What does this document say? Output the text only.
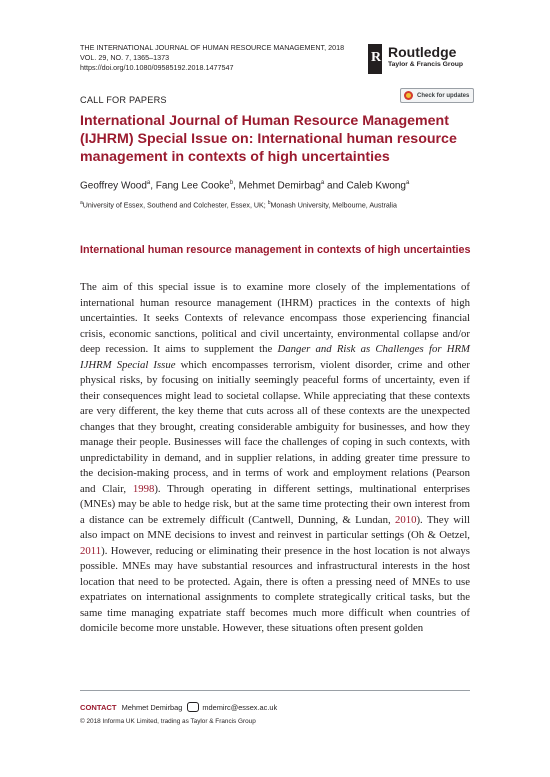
THE INTERNATIONAL JOURNAL OF HUMAN RESOURCE MANAGEMENT, 2018
VOL. 29, NO. 7, 1365–1373
https://doi.org/10.1080/09585192.2018.1477547
R Routledge
Taylor & Francis Group
CALL FOR PAPERS	Check for updates
International Journal of Human Resource Management (IJHRM) Special Issue on: International human resource management in contexts of high uncertainties
Geoffrey Wood$^a$, Fang Lee Cooke$^b$, Mehmet Demirbag$^a$ and Caleb Kwong$^a$
$^a$University of Essex, Southend and Colchester, Essex, UK; $^b$Monash University, Melbourne, Australia
International human resource management in contexts of high uncertainties

The aim of this special issue is to examine more closely of the implementations of international human resource management (IHRM) practices in the contexts of high uncertainties. It seeks Contexts of relevance encompass those experiencing financial crisis, economic sanctions, political and civil uncertainty, environmental collapse and/or deep recession. It aims to supplement the Danger and Risk as Challenges for HRM IJHRM Special Issue which encompasses terrorism, violent disorder, crime and other physical risks, by focusing on initially seemingly peaceful forms of uncertainty, even if their consequences might lead to societal collapse. While appreciating that these contexts are very different, the key theme that cuts across all of these contexts are the unexpected changes that they brought, creating considerable ambiguity for businesses, and how they manage their people. Businesses will face the challenges of coping in such contexts, with unpredictability in demand, and in supplier relations, in adding greater time pressure to the decision-making process, and in terms of work and employment relations (Pearson and Clair, 1998). Through operating in different settings, multinational enterprises (MNEs) may be able to hedge risk, but at the same time protecting their own interest from a distance can be extremely difficult (Cantwell, Dunning, & Lundan, 2010). They will also impact on MNE decisions to invest and reinvest in particular settings (Oh & Oetzel, 2011). However, reducing or eliminating their presence in the host location is not always possible. MNEs may have substantial resources and infrastructural interests in the host location that need to be protected. Again, there is often a pressing need of MNEs to use expatriates on international assignments to complete strategically critical tasks, but the same time managing expatriate staff becomes much more difficult when countries of domicile become more unstable. However, these situations often present golden

CONTACT Mehmet Demirbag	mdemirc@essex.ac.uk
© 2018 Informa UK Limited, trading as Taylor & Francis Group
